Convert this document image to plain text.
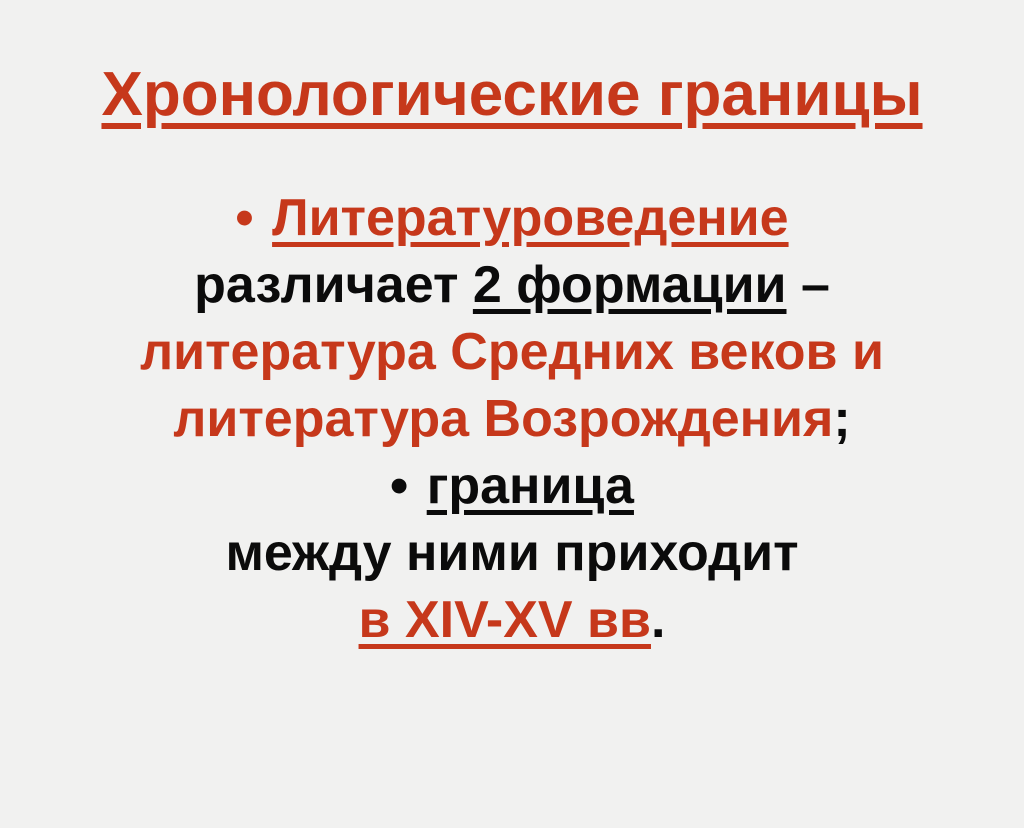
Хронологические границы
• Литературоведение
различает 2 формации –
литература Средних веков и
литература Возрождения;
• граница
между ними приходит
в XIV-XV вв.
